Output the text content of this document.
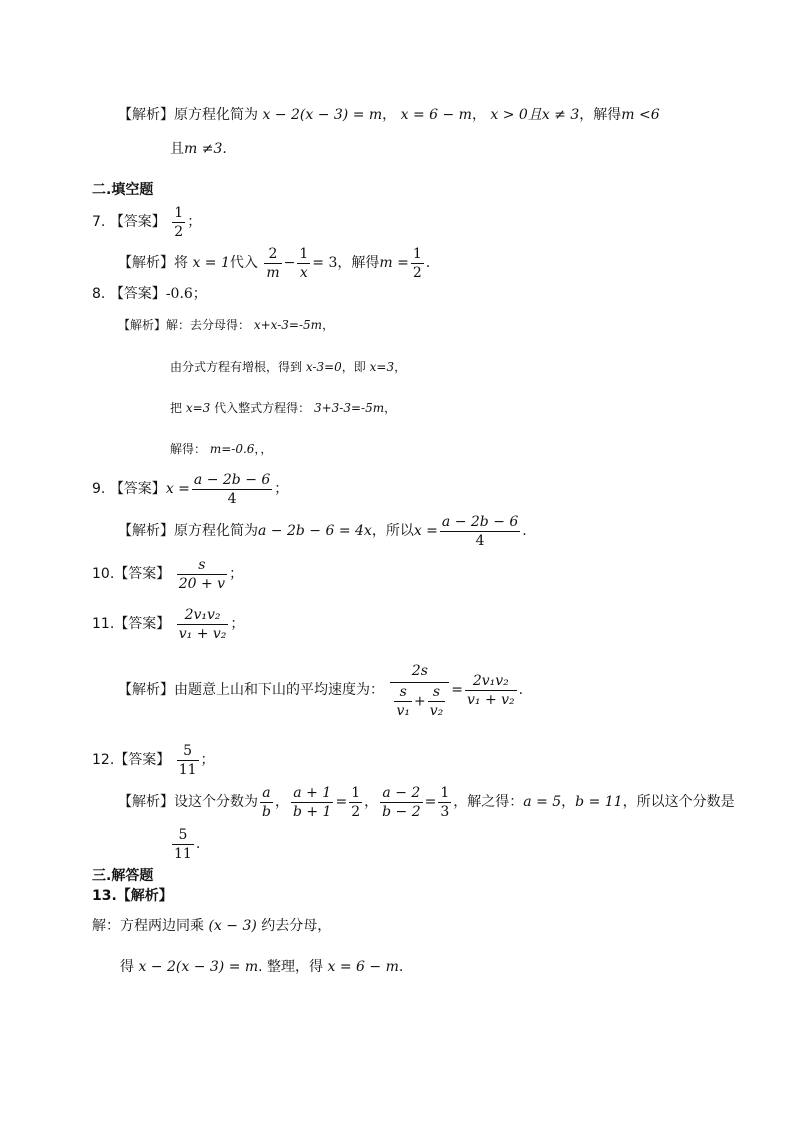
【解析】原方程化简为 x − 2(x − 3) = m， x = 6 − m， x > 0且x ≠ 3，解得m <6
且m ≠3.
二.填空题
7. 【答案】 $\frac{1}{2}$ ；
【解析】将 x = 1代入 $\frac{2}{m} - \frac{1}{x} = 3$，解得$m = \frac{1}{2}$ .
8. 【答案】-0.6；
【解析】解：去分母得： x+x-3=-5m，
由分式方程有增根，得到 x-3=0，即 x=3，
把 x=3 代入整式方程得： 3+3-3=-5m，
解得： m=-0.6，，
9. 【答案】$x = \frac{a - 2b - 6}{4}$ ；
【解析】原方程化简为a − 2b − 6 = 4x，所以$x = \frac{a - 2b - 6}{4}$ .
10.【答案】 $\frac{s}{20 + v}$ ；
11.【答案】 $\frac{\text{2v₁v₂}}{\text{v₁ + v₂}}$ ；
【解析】由题意上山和下山的平均速度为： $\frac{2s}{\frac{s}{\text{v₁}} + \frac{s}{\text{v₂}}} = \frac{\text{2v₁v₂}}{\text{v₁ + v₂}}$ .
12.【答案】 $\frac{5}{11}$ ；
【解析】设这个分数为 $\frac{a}{b}$ ， $\frac{a + 1}{b + 1} = \frac{1}{2}$ ， $\frac{a - 2}{b - 2} = \frac{1}{3}$ ，解之得：a = 5，b = 11，所以这个分数是
$\frac{5}{11}$ .
三.解答题
13.【解析】
解：方程两边同乘 (x − 3) 约去分母，
得 x − 2(x − 3) = m. 整理，得 x = 6 − m.
